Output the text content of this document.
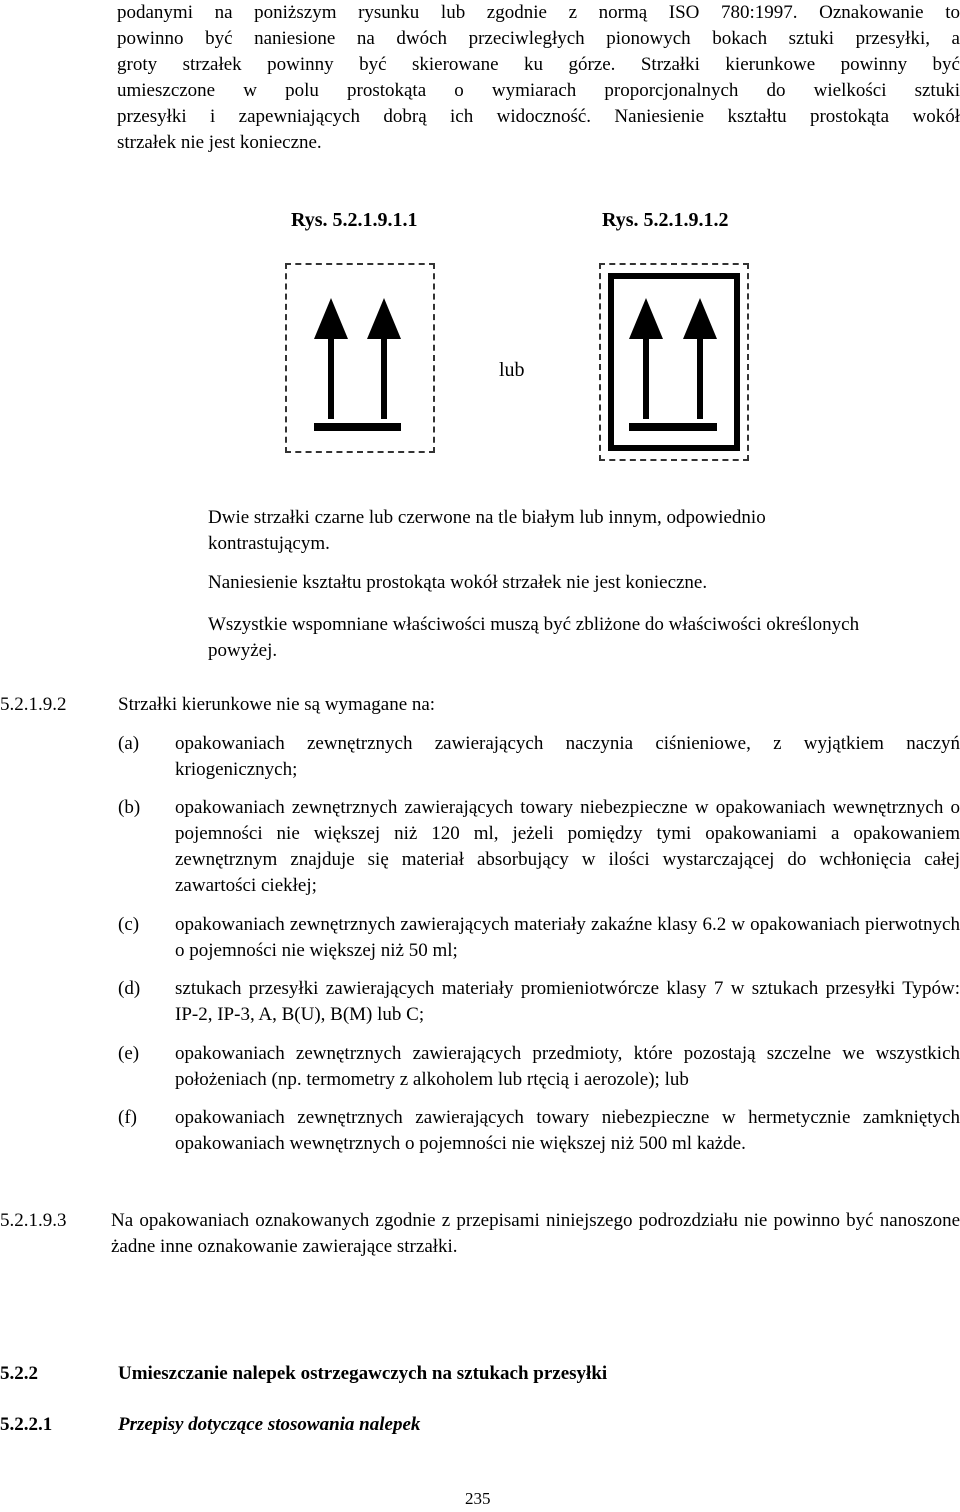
podanymi na poniższym rysunku lub zgodnie z normą ISO 780:1997. Oznakowanie to
powinno być naniesione na dwóch przeciwległych pionowych bokach sztuki przesyłki, a
groty strzałek powinny być skierowane ku górze. Strzałki kierunkowe powinny być
umieszczone w polu prostokąta o wymiarach proporcjonalnych do wielkości sztuki
przesyłki i zapewniających dobrą ich widoczność. Naniesienie kształtu prostokąta wokół
strzałek nie jest konieczne.
Rys. 5.2.1.9.1.1	Rys. 5.2.1.9.1.2
lub
Dwie strzałki czarne lub czerwone na tle białym lub innym, odpowiednio kontrastującym.
Naniesienie kształtu prostokąta wokół strzałek nie jest konieczne.
Wszystkie wspomniane właściwości muszą być zbliżone do właściwości określonych powyżej.
5.2.1.9.2	Strzałki kierunkowe nie są wymagane na:
(a) opakowaniach zewnętrznych zawierających naczynia ciśnieniowe, z wyjątkiem naczyń kriogenicznych;
(b) opakowaniach zewnętrznych zawierających towary niebezpieczne w opakowaniach wewnętrznych o pojemności nie większej niż 120 ml, jeżeli pomiędzy tymi opakowaniami a opakowaniem zewnętrznym znajduje się materiał absorbujący w ilości wystarczającej do wchłonięcia całej zawartości ciekłej;
(c) opakowaniach zewnętrznych zawierających materiały zakaźne klasy 6.2 w opakowaniach pierwotnych o pojemności nie większej niż 50 ml;
(d) sztukach przesyłki zawierających materiały promieniotwórcze klasy 7 w sztukach przesyłki Typów: IP-2, IP-3, A, B(U), B(M) lub C;
(e) opakowaniach zewnętrznych zawierających przedmioty, które pozostają szczelne we wszystkich położeniach (np. termometry z alkoholem lub rtęcią i aerozole); lub
(f) opakowaniach zewnętrznych zawierających towary niebezpieczne w hermetycznie zamkniętych opakowaniach wewnętrznych o pojemności nie większej niż 500 ml każde.
5.2.1.9.3 Na opakowaniach oznakowanych zgodnie z przepisami niniejszego podrozdziału nie powinno być nanoszone żadne inne oznakowanie zawierające strzałki.
5.2.2	Umieszczanie nalepek ostrzegawczych na sztukach przesyłki
5.2.2.1	Przepisy dotyczące stosowania nalepek
235
